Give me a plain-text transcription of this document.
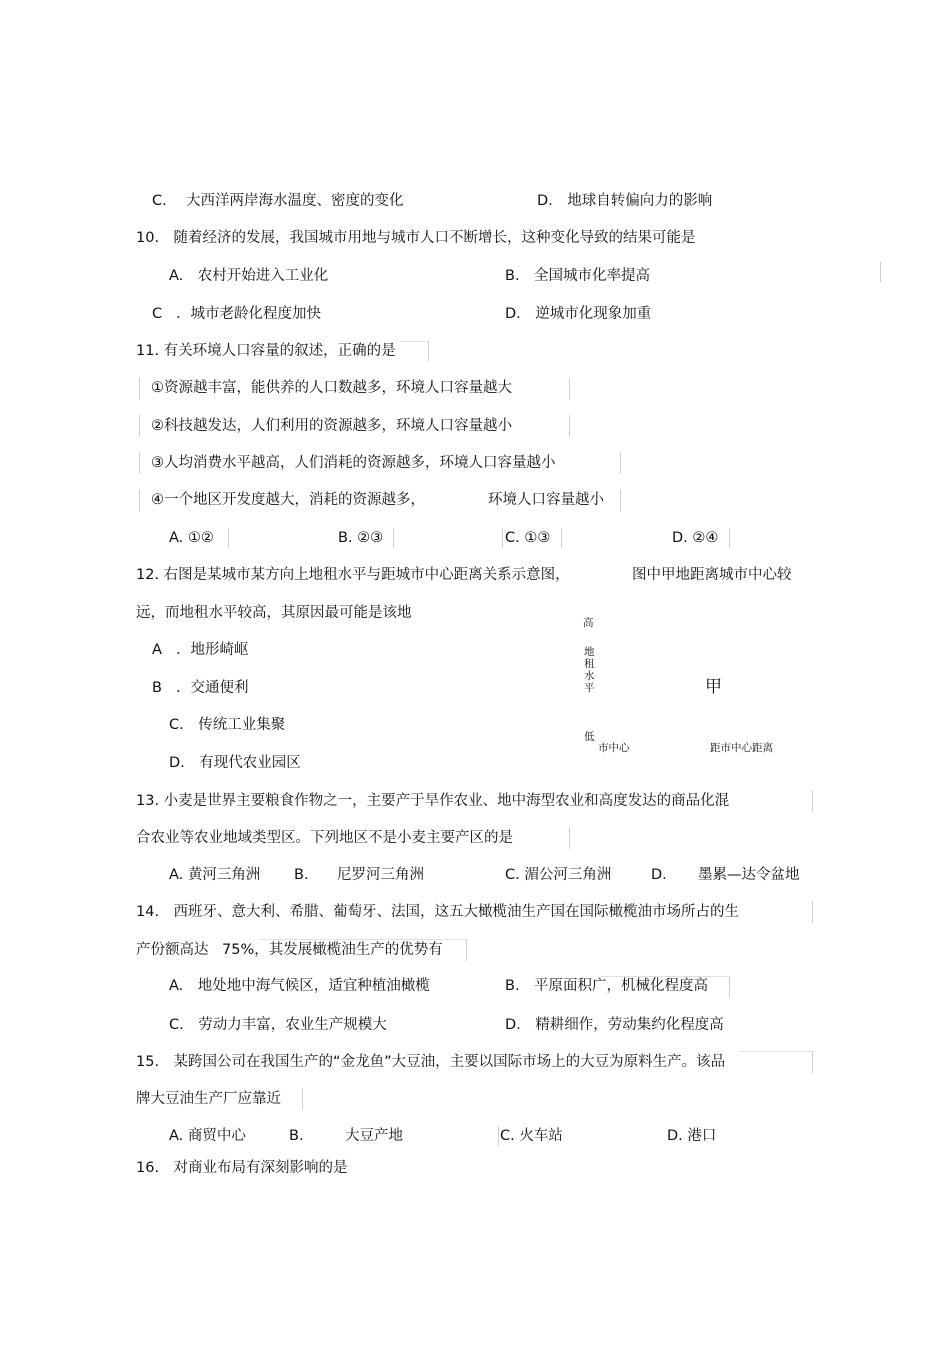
C. 大西洋两岸海水温度、密度的变化	D.　地球自转偏向力的影响
10.　随着经济的发展，我国城市用地与城市人口不断增长，这种变化导致的结果可能是
A.　农村开始进入工业化	B.　全国城市化率提高
C ．城市老龄化程度加快	D.　逆城市化现象加重
11. 有关环境人口容量的叙述，正确的是
①资源越丰富，能供养的人口数越多，环境人口容量越大
②科技越发达，人们利用的资源越多，环境人口容量越小
③人均消费水平越高，人们消耗的资源越多，环境人口容量越小
④一个地区开发度越大，消耗的资源越多，	环境人口容量越小
A. ①②	B. ②③	C. ①③	D. ②④
12. 右图是某城市某方向上地租水平与距城市中心距离关系示意图，	图中甲地距离城市中心较
远，而地租水平较高，其原因最可能是该地
A ．地形崎岖
B ．交通便利
C.　传统工业集聚
D.　有现代农业园区
高
地
租
水
平
低
市中心	距市中心距离
甲
13. 小麦是世界主要粮食作物之一，主要产于旱作农业、地中海型农业和高度发达的商品化混
合农业等农业地域类型区。下列地区不是小麦主要产区的是
A. 黄河三角洲 B. 尼罗河三角洲	C. 湄公河三角洲	D. 墨累—达令盆地
14.　西班牙、意大利、希腊、葡萄牙、法国，这五大橄榄油生产国在国际橄榄油市场所占的生
产份额高达 75%，其发展橄榄油生产的优势有
A.　地处地中海气候区，适宜种植油橄榄	B.　平原面积广，机械化程度高
C.　劳动力丰富，农业生产规模大	D.　精耕细作，劳动集约化程度高
15.　某跨国公司在我国生产的“金龙鱼”大豆油，主要以国际市场上的大豆为原料生产。该品
牌大豆油生产厂应靠近
A. 商贸中心	B.	大豆产地	C. 火车站	D. 港口
16.　对商业布局有深刻影响的是
